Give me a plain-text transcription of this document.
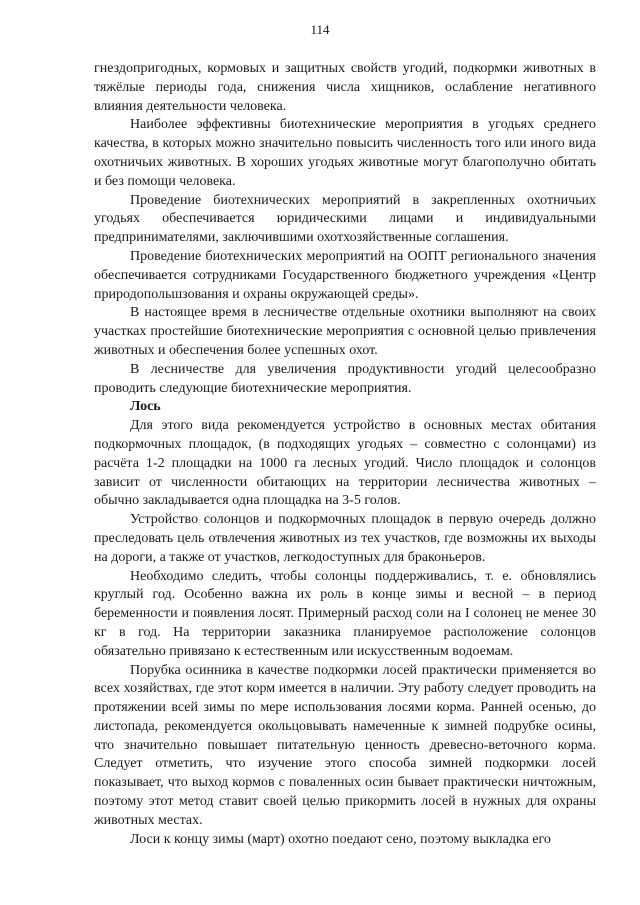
114

гнездопригодных, кормовых и защитных свойств угодий, подкормки животных в тяжёлые периоды года, снижения числа хищников, ослабление негативного влияния деятельности человека.

Наиболее эффективны биотехнические мероприятия в угодьях среднего качества, в которых можно значительно повысить численность того или иного вида охотничьих животных. В хороших угодьях животные могут благополучно обитать и без помощи человека.

Проведение биотехнических мероприятий в закрепленных охотничьих угодьях обеспечивается юридическими лицами и индивидуальными предпринимателями, заключившими охотхозяйственные соглашения.

Проведение биотехнических мероприятий на ООПТ регионального значения обеспечивается сотрудниками Государственного бюджетного учреждения «Центр природопольшзования и охраны окружающей среды».

В настоящее время в лесничестве отдельные охотники выполняют на своих участках простейшие биотехнические мероприятия с основной целью привлечения животных и обеспечения более успешных охот.

В лесничестве для увеличения продуктивности угодий целесообразно проводить следующие биотехнические мероприятия.

Лось

Для этого вида рекомендуется устройство в основных местах обитания подкормочных площадок, (в подходящих угодьях – совместно с солонцами) из расчёта 1-2 площадки на 1000 га лесных угодий. Число площадок и солонцов зависит от численности обитающих на территории лесничества животных – обычно закладывается одна площадка на 3-5 голов.

Устройство солонцов и подкормочных площадок в первую очередь должно преследовать цель отвлечения животных из тех участков, где возможны их выходы на дороги, а также от участков, легкодоступных для браконьеров.

Необходимо следить, чтобы солонцы поддерживались, т. е. обновлялись круглый год. Особенно важна их роль в конце зимы и весной – в период беременности и появления лосят. Примерный расход соли на I солонец не менее 30 кг в год. На территории заказника планируемое расположение солонцов обязательно привязано к естественным или искусственным водоемам.

Порубка осинника в качестве подкормки лосей практически применяется во всех хозяйствах, где этот корм имеется в наличии. Эту работу следует проводить на протяжении всей зимы по мере использования лосями корма. Ранней осенью, до листопада, рекомендуется окольцовывать намеченные к зимней подрубке осины, что значительно повышает питательную ценность древесно-веточного корма. Следует отметить, что изучение этого способа зимней подкормки лосей показывает, что выход кормов с поваленных осин бывает практически ничтожным, поэтому этот метод ставит своей целью прикормить лосей в нужных для охраны животных местах.

Лоси к концу зимы (март) охотно поедают сено, поэтому выкладка его
